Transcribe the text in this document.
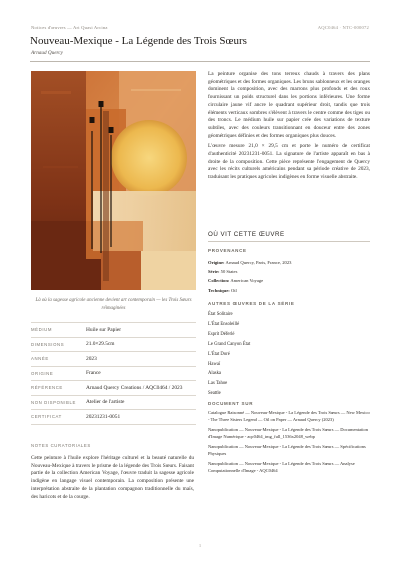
Notices d'œuvres — Art Quasi Arcina	AQC0464 · NTC-000072
Nouveau-Mexique - La Légende des Trois Sœurs
Arnaud Quercy
Là où la sagesse agricole ancienne devient art contemporain — les Trois Sœurs réimaginées
MÉDIUM	Huile sur Papier
DIMENSIONS	21.0×29.5cm
ANNÉE	2023
ORIGINE	France
RÉFÉRENCE	Arnaud Quercy Creations / AQC0464 / 2023
NON DISPONIBLE	Atelier de l'artiste
CERTIFICAT	20231231-0051
NOTES CURATORIALES
Cette peinture à l'huile explore l'héritage culturel et la beauté naturelle du Nouveau-Mexique à travers le prisme de la légende des Trois Sœurs. Faisant partie de la collection American Voyage, l'œuvre traduit la sagesse agricole indigène en langage visuel contemporain. La composition présente une interprétation abstraite de la plantation compagnon traditionnelle du maïs, des haricots et de la courge.

La peinture organise des tons terreux chauds à travers des plans géométriques et des formes organiques. Les bruns sablonneux et les oranges dominent la composition, avec des marrons plus profonds et des roux fournissant un poids structurel dans les portions inférieures. Une forme circulaire jaune vif ancre le quadrant supérieur droit, tandis que trois éléments verticaux sombres s'élèvent à travers le centre comme des tiges ou des troncs. Le médium huile sur papier crée des variations de texture subtiles, avec des couleurs transitionnant en douceur entre des zones géométriques définies et des formes organiques plus douces.

L'œuvre mesure 21,0 × 29,5 cm et porte le numéro de certificat d'authenticité 20231231-0051. La signature de l'artiste apparaît en bas à droite de la composition. Cette pièce représente l'engagement de Quercy avec les récits culturels américains pendant sa période créative de 2023, traduisant les pratiques agricoles indigènes en forme visuelle abstraite.

OÙ VIT CETTE ŒUVRE
PROVENANCE
Origine: Arnaud Quercy, Paris, France, 2023
Série: 50 States
Collection: American Voyage
Technique: Oil
AUTRES ŒUVRES DE LA SÉRIE
État Solitaire
L'État Ensoleillé
Esprit Déferlé
Le Grand Canyon État
L'État Doré
Hawaï
Alaska
Las Tahoe
Seattle
DOCUMENT SUR
Catalogue Raisonné — Nouveau-Mexique - La Légende des Trois Sœurs — New Mexico - The Three Sisters Legend — Oil on Paper — Arnaud Quercy (2023)
Nanopublication — Nouveau-Mexique - La Légende des Trois Sœurs — Documentation d'Image Numérique - aqc0464_img_full_1536x2048_webp
Nanopublication — Nouveau-Mexique - La Légende des Trois Sœurs — Spécifications Physiques
Nanopublication — Nouveau-Mexique - La Légende des Trois Sœurs — Analyse Computationnelle d'Image - AQC0464
1
